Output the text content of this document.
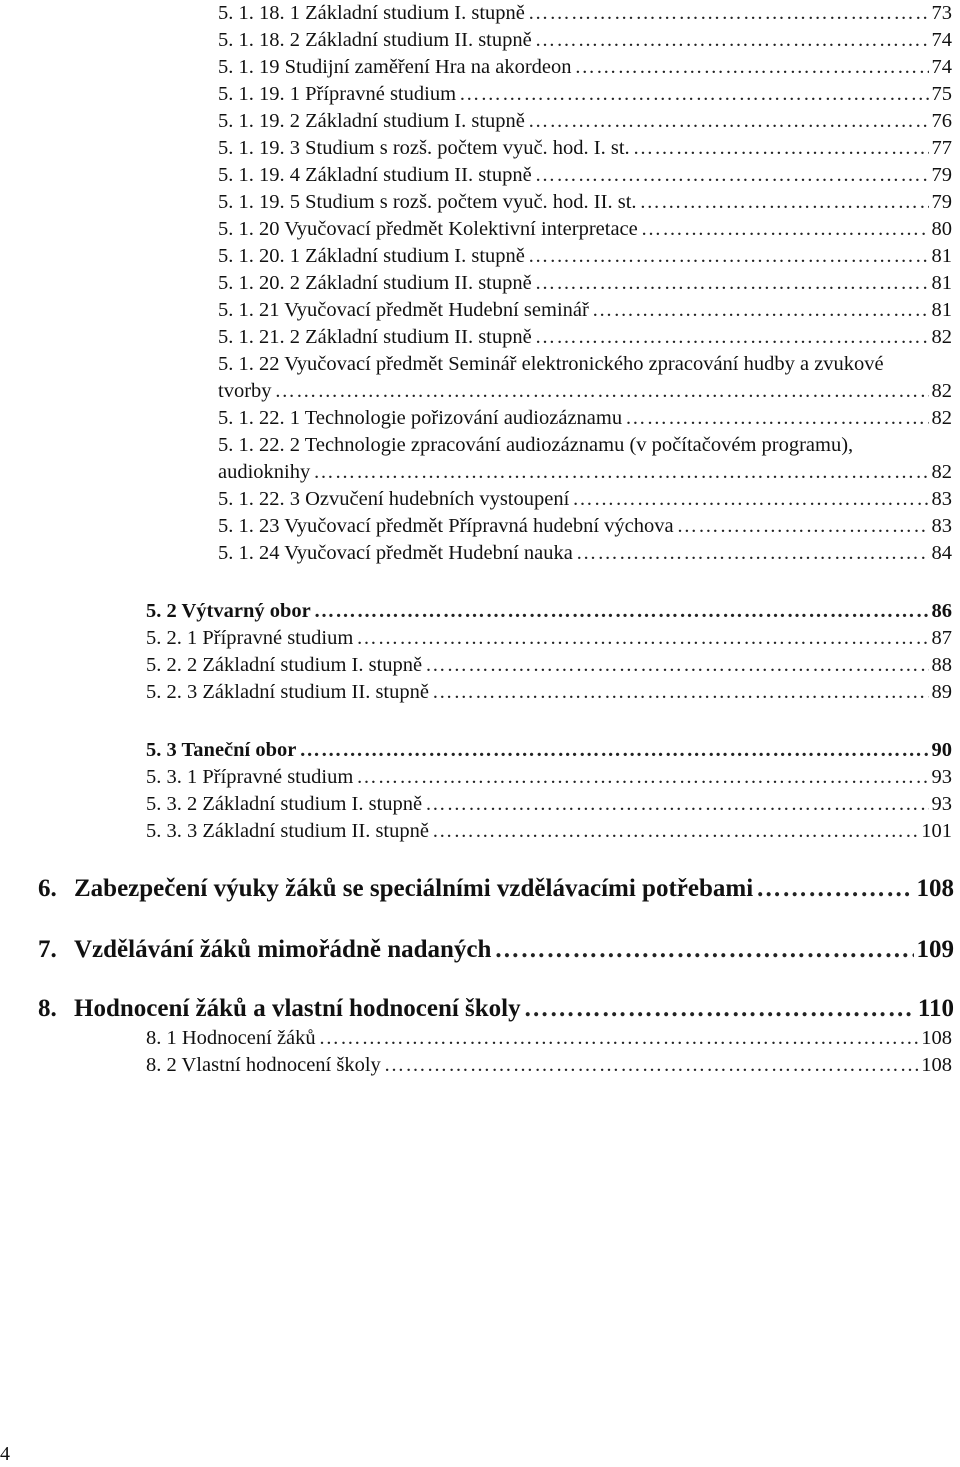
5. 1. 18. 1 Základní studium I. stupně ……………………………………………………………………………………………………………………………………………………………………………	73
5. 1. 18. 2 Základní studium II. stupně ……………………………………………………………………………………………………………………………………………………………………………	74
5. 1. 19 Studijní zaměření Hra na akordeon ……………………………………………………………………………………………………………………………………………………………………………	74
5. 1. 19. 1 Přípravné studium ……………………………………………………………………………………………………………………………………………………………………………	75
5. 1. 19. 2 Základní studium I. stupně ……………………………………………………………………………………………………………………………………………………………………………	76
5. 1. 19. 3 Studium s rozš. počtem vyuč. hod. I. st. ……………………………………………………………………………………………………………………………………………………………………………	77
5. 1. 19. 4 Základní studium II. stupně ……………………………………………………………………………………………………………………………………………………………………………	79
5. 1. 19. 5 Studium s rozš. počtem vyuč. hod. II. st. ……………………………………………………………………………………………………………………………………………………………………………	79
5. 1. 20 Vyučovací předmět Kolektivní interpretace ……………………………………………………………………………………………………………………………………………………………………………	80
5. 1. 20. 1 Základní studium I. stupně ……………………………………………………………………………………………………………………………………………………………………………	81
5. 1. 20. 2 Základní studium II. stupně ……………………………………………………………………………………………………………………………………………………………………………	81
5. 1. 21 Vyučovací předmět Hudební seminář ……………………………………………………………………………………………………………………………………………………………………………	81
5. 1. 21. 2 Základní studium II. stupně ……………………………………………………………………………………………………………………………………………………………………………	82
5. 1. 22 Vyučovací předmět Seminář elektronického zpracování hudby a zvukové
tvorby ……………………………………………………………………………………………………………………………………………………………………………	82
5. 1. 22. 1 Technologie pořizování audiozáznamu ……………………………………………………………………………………………………………………………………………………………………………	82
5. 1. 22. 2 Technologie zpracování audiozáznamu (v počítačovém programu),
audioknihy ……………………………………………………………………………………………………………………………………………………………………………	82
5. 1. 22. 3 Ozvučení hudebních vystoupení ……………………………………………………………………………………………………………………………………………………………………………	83
5. 1. 23 Vyučovací předmět Přípravná hudební výchova ……………………………………………………………………………………………………………………………………………………………………………	83
5. 1. 24 Vyučovací předmět Hudební nauka ……………………………………………………………………………………………………………………………………………………………………………	84
5. 2 Výtvarný obor ……………………………………………………………………………………………………………………………………………………………………………	86
5. 2. 1 Přípravné studium ……………………………………………………………………………………………………………………………………………………………………………	87
5. 2. 2 Základní studium I. stupně ……………………………………………………………………………………………………………………………………………………………………………	88
5. 2. 3 Základní studium II. stupně ……………………………………………………………………………………………………………………………………………………………………………	89
5. 3 Taneční obor ……………………………………………………………………………………………………………………………………………………………………………	90
5. 3. 1 Přípravné studium ……………………………………………………………………………………………………………………………………………………………………………	93
5. 3. 2 Základní studium I. stupně ……………………………………………………………………………………………………………………………………………………………………………	93
5. 3. 3 Základní studium II. stupně ……………………………………………………………………………………………………………………………………………………………………………	101
6. Zabezpečení výuky žáků se speciálními vzdělávacími potřebami ……………………………………………………………………………………………………………………………………………………………………………	108
7. Vzdělávání žáků mimořádně nadaných ……………………………………………………………………………………………………………………………………………………………………………	109
8. Hodnocení žáků a vlastní hodnocení školy ……………………………………………………………………………………………………………………………………………………………………………	110
8. 1 Hodnocení žáků ……………………………………………………………………………………………………………………………………………………………………………	108
8. 2 Vlastní hodnocení školy ……………………………………………………………………………………………………………………………………………………………………………	108
4
